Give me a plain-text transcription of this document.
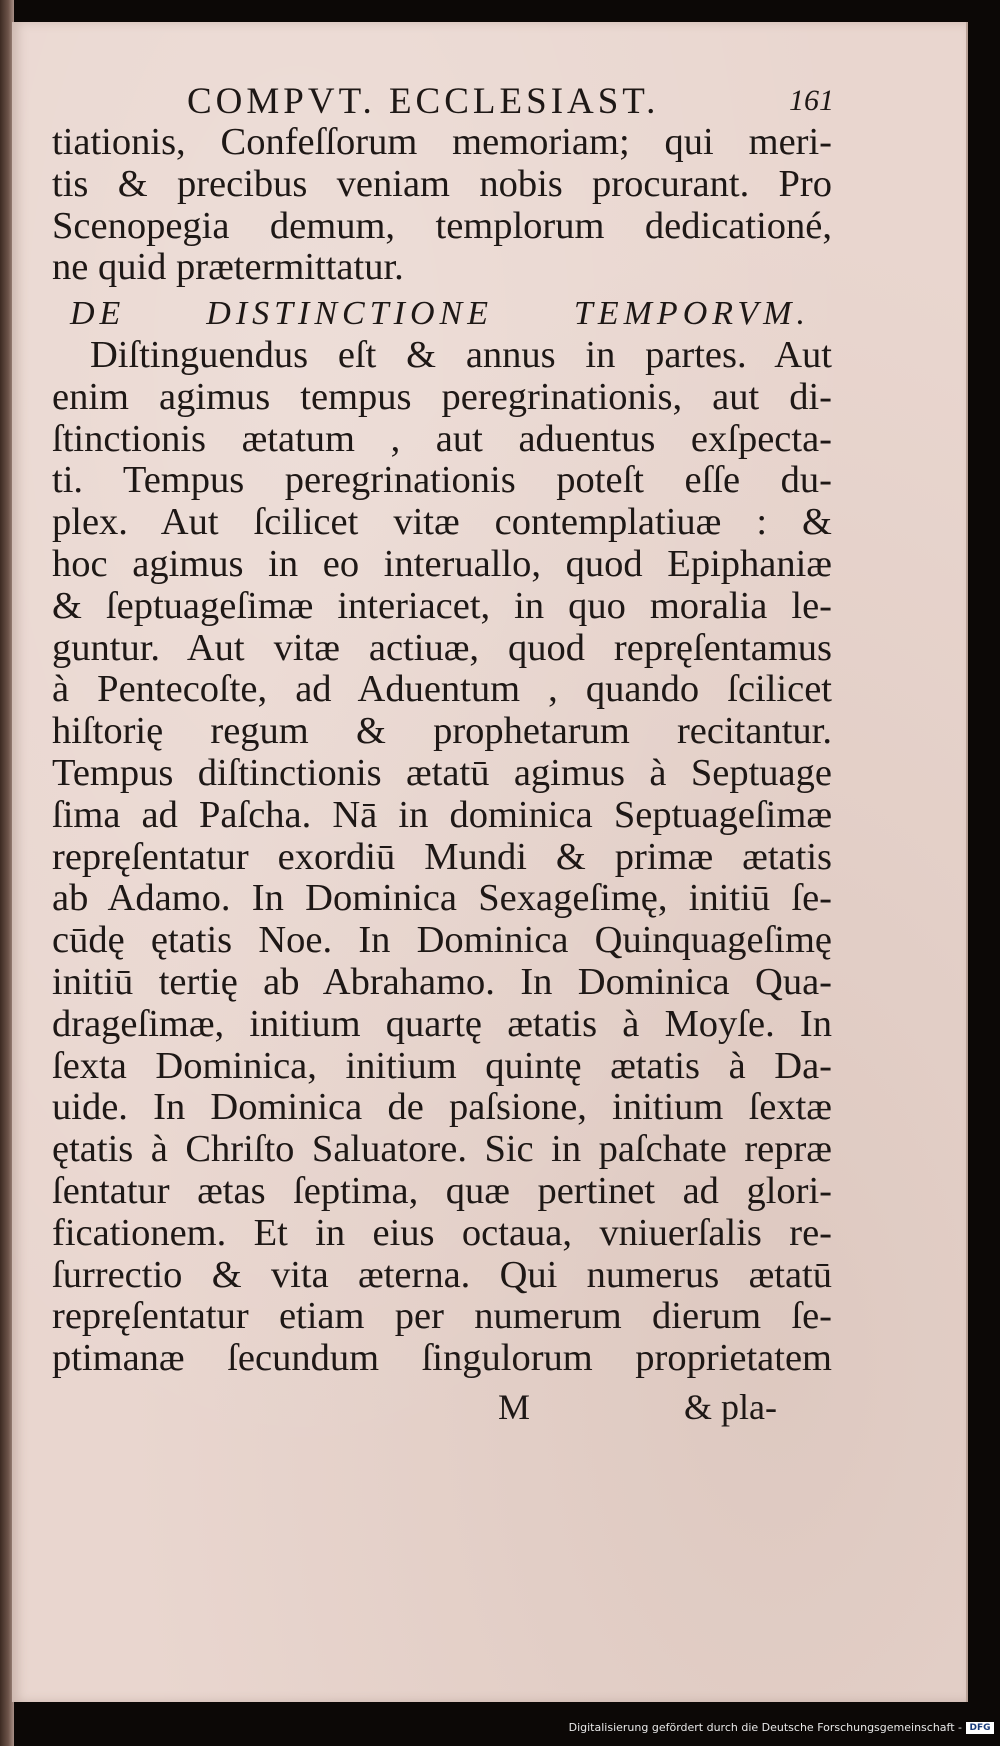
COMPVT. ECCLESIAST.	161
tiationis, Confeſſorum memoriam; qui meri-
tis & precibus veniam nobis procurant. Pro
Scenopegia demum, templorum dedicationé,
ne quid prætermittatur.
DE DISTINCTIONE TEMPORVM.
Diſtinguendus eſt & annus in partes. Aut
enim agimus tempus peregrinationis, aut di-
ſtinctionis ætatum , aut aduentus exſpecta-
ti. Tempus peregrinationis poteſt eſſe du-
plex. Aut ſcilicet vitæ contemplatiuæ : &
hoc agimus in eo interuallo, quod Epiphaniæ
& ſeptuageſimæ interiacet, in quo moralia le-
guntur. Aut vitæ actiuæ, quod repręſentamus
à Pentecoſte, ad Aduentum , quando ſcilicet
hiſtorię regum & prophetarum recitantur.
Tempus diſtinctionis ætatū agimus à Septuage
ſima ad Paſcha. Nā in dominica Septuageſimæ
repręſentatur exordiū Mundi & primæ ætatis
ab Adamo. In Dominica Sexageſimę, initiū ſe-
cūdę ętatis Noe. In Dominica Quinquageſimę
initiū tertię ab Abrahamo. In Dominica Qua-
drageſimæ, initium quartę ætatis à Moyſe. In
ſexta Dominica, initium quintę ætatis à Da-
uide. In Dominica de paſsione, initium ſextæ
ętatis à Chriſto Saluatore. Sic in paſchate repræ
ſentatur ætas ſeptima, quæ pertinet ad glori-
ficationem. Et in eius octaua, vniuerſalis re-
ſurrectio & vita æterna. Qui numerus ætatū
repręſentatur etiam per numerum dierum ſe-
ptimanæ ſecundum ſingulorum proprietatem
M	& pla-
Digitalisierung gefördert durch die Deutsche Forschungsgemeinschaft - DFG
